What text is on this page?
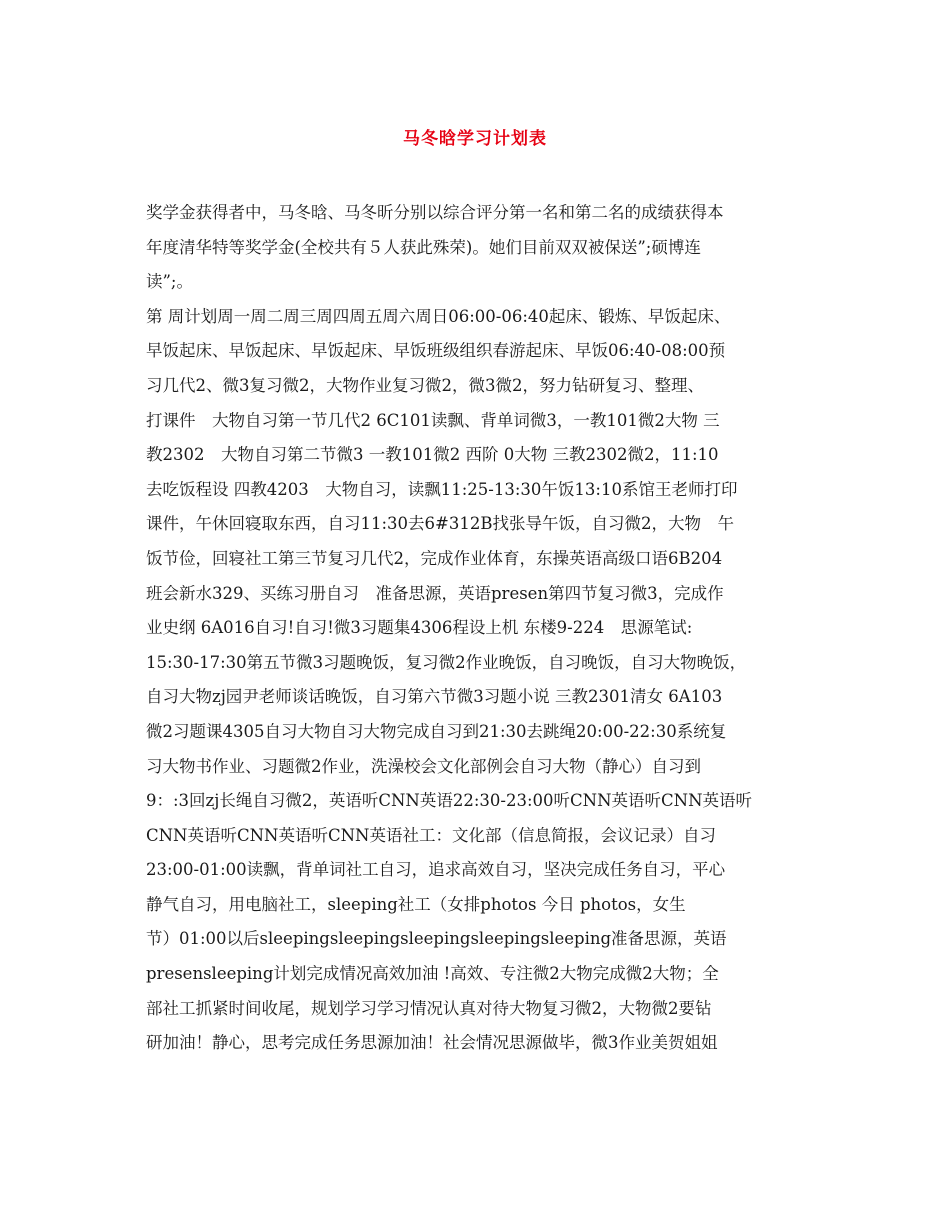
马冬晗学习计划表
奖学金获得者中，马冬晗、马冬昕分别以综合评分第一名和第二名的成绩获得本
年度清华特等奖学金(全校共有５人获此殊荣)。她们目前双双被保送”;硕博连
读”;。
第 周计划周一周二周三周四周五周六周日06:00-06:40起床、锻炼、早饭起床、
早饭起床、早饭起床、早饭起床、早饭班级组织春游起床、早饭06:40-08:00预
习几代2、微3复习微2，大物作业复习微2，微3微2，努力钻研复习、整理、
打课件　大物自习第一节几代2 6C101读飘、背单词微3，一教101微2大物 三
教2302　大物自习第二节微3 一教101微2 西阶 0大物 三教2302微2，11:10
去吃饭程设 四教4203　大物自习，读飘11:25-13:30午饭13:10系馆王老师打印
课件，午休回寝取东西，自习11:30去6#312B找张导午饭，自习微2，大物　午
饭节俭，回寝社工第三节复习几代2，完成作业体育，东操英语高级口语6B204
班会新水329、买练习册自习　准备思源，英语presen第四节复习微3，完成作
业史纲 6A016自习!自习!微3习题集4306程设上机 东楼9-224　思源笔试:
15:30-17:30第五节微3习题晚饭，复习微2作业晚饭，自习晚饭，自习大物晚饭，
自习大物zj园尹老师谈话晚饭，自习第六节微3习题小说 三教2301清女 6A103
微2习题课4305自习大物自习大物完成自习到21:30去跳绳20:00-22:30系统复
习大物书作业、习题微2作业，洗澡校会文化部例会自习大物（静心）自习到
9：:3回zj长绳自习微2，英语听CNN英语22:30-23:00听CNN英语听CNN英语听
CNN英语听CNN英语听CNN英语社工：文化部（信息简报，会议记录）自习
23:00-01:00读飘，背单词社工自习，追求高效自习，坚决完成任务自习，平心
静气自习，用电脑社工，sleeping社工（女排photos 今日 photos，女生
节）01:00以后sleepingsleepingsleepingsleepingsleeping准备思源，英语
presensleeping计划完成情况高效加油 !高效、专注微2大物完成微2大物；全
部社工抓紧时间收尾，规划学习学习情况认真对待大物复习微2，大物微2要钻
研加油！静心，思考完成任务思源加油！社会情况思源做毕，微3作业美贺姐姐
